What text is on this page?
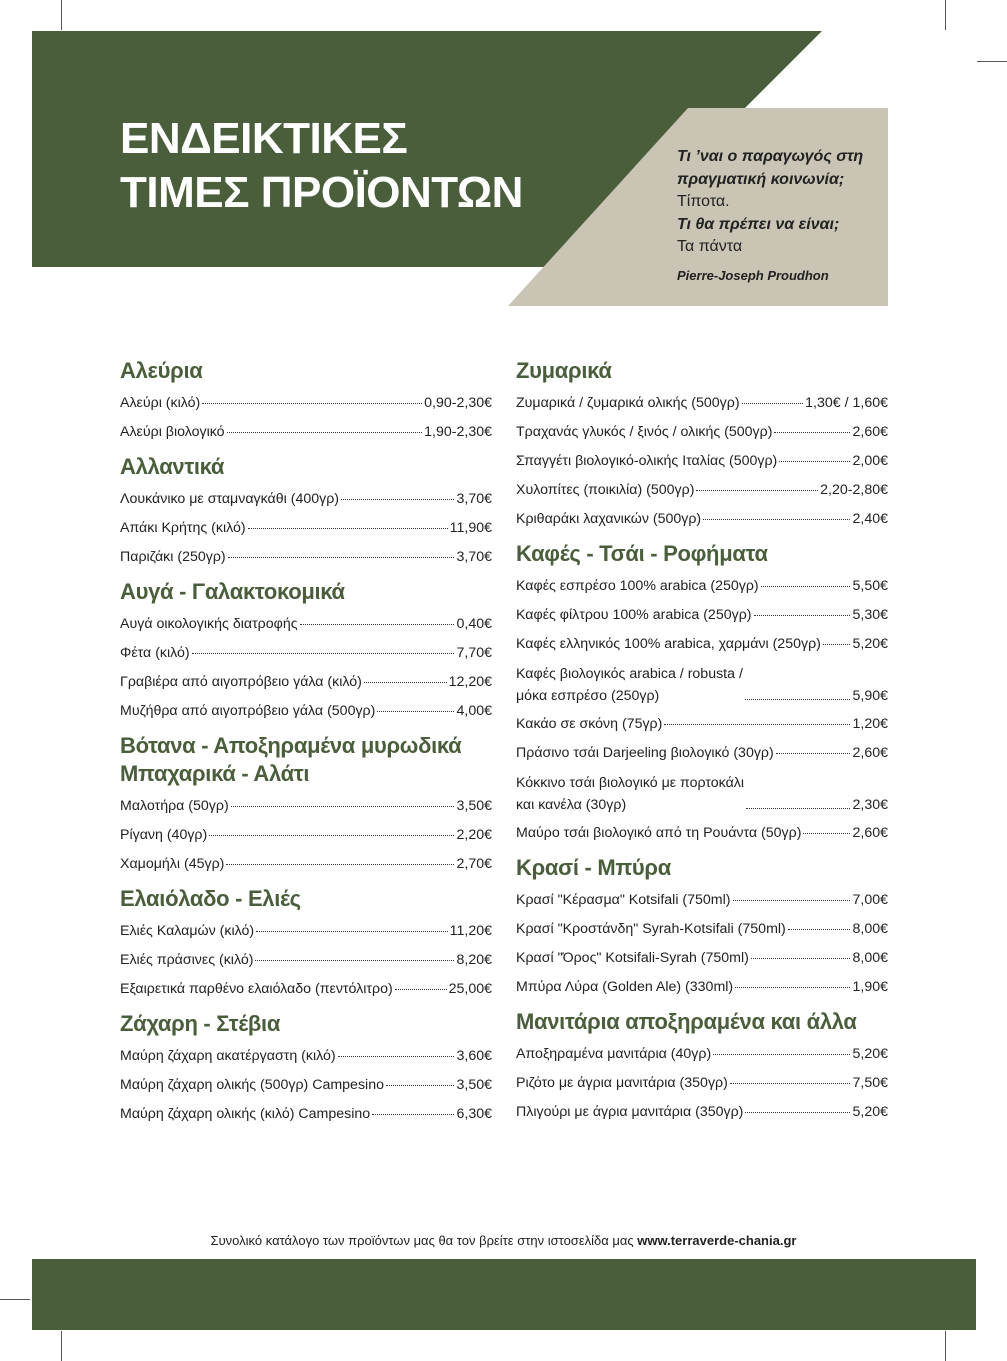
ΕΝΔΕΙΚΤΙΚΕΣ
ΤΙΜΕΣ ΠΡΟΪΟΝΤΩΝ
Τι ’ναι ο παραγωγός στη
πραγματική κοινωνία;
Τίποτα.
Τι θα πρέπει να είναι;
Τα πάντα
Pierre-Joseph Proudhon
Αλεύρια
Αλεύρι (κιλό)	0,90-2,30€
Αλεύρι βιολογικό	1,90-2,30€
Αλλαντικά
Λουκάνικο με σταμναγκάθι (400γρ)	3,70€
Απάκι Κρήτης (κιλό)	11,90€
Παριζάκι (250γρ)	3,70€
Αυγά - Γαλακτοκομικά
Αυγά οικολογικής διατροφής	0,40€
Φέτα (κιλό)	7,70€
Γραβιέρα από αιγοπρόβειο γάλα (κιλό)	12,20€
Μυζήθρα από αιγοπρόβειο γάλα (500γρ)	4,00€
Βότανα - Αποξηραμένα μυρωδικά
Μπαχαρικά - Αλάτι
Μαλοτήρα (50γρ)	3,50€
Ρίγανη (40γρ)	2,20€
Χαμομήλι (45γρ)	2,70€
Ελαιόλαδο - Ελιές
Ελιές Καλαμών (κιλό)	11,20€
Ελιές πράσινες (κιλό)	8,20€
Εξαιρετικά παρθένο ελαιόλαδο (πεντόλιτρο)	25,00€
Ζάχαρη - Στέβια
Μαύρη ζάχαρη ακατέργαστη (κιλό)	3,60€
Μαύρη ζάχαρη ολικής (500γρ) Campesino	3,50€
Μαύρη ζάχαρη ολικής (κιλό) Campesino	6,30€
Ζυμαρικά
Ζυμαρικά / ζυμαρικά ολικής (500γρ)	1,30€ / 1,60€
Τραχανάς γλυκός / ξινός / ολικής (500γρ)	2,60€
Σπαγγέτι βιολογικό-ολικής Ιταλίας (500γρ)	2,00€
Χυλοπίτες (ποικιλία) (500γρ)	2,20-2,80€
Κριθαράκι λαχανικών (500γρ)	2,40€
Καφές - Τσάι - Ροφήματα
Καφές εσπρέσο 100% arabica (250γρ)	5,50€
Καφές φίλτρου 100% arabica (250γρ)	5,30€
Καφές ελληνικός 100% arabica, χαρμάνι (250γρ) 5,20€
Καφές βιολογικός arabica / robusta /
μόκα εσπρέσο (250γρ)	5,90€
Κακάο σε σκόνη (75γρ)	1,20€
Πράσινο τσάι Darjeeling βιολογικό (30γρ)	2,60€
Κόκκινο τσάι βιολογικό με πορτοκάλι
και κανέλα (30γρ)	2,30€
Μαύρο τσάι βιολογικό από τη Ρουάντα (50γρ)	2,60€
Κρασί - Μπύρα
Κρασί "Κέρασμα" Kotsifali (750ml)	7,00€
Κρασί "Κροστάνδη" Syrah-Kotsifali (750ml)	8,00€
Κρασί "Όρος" Kotsifali-Syrah (750ml)	8,00€
Μπύρα Λύρα (Golden Ale) (330ml)	1,90€
Μανιτάρια αποξηραμένα και άλλα
Αποξηραμένα μανιτάρια (40γρ)	5,20€
Ριζότο με άγρια μανιτάρια (350γρ)	7,50€
Πλιγούρι με άγρια μανιτάρια (350γρ)	5,20€
Συνολικό κατάλογο των προϊόντων μας θα τον βρείτε στην ιστοσελίδα μας www.terraverde-chania.gr
